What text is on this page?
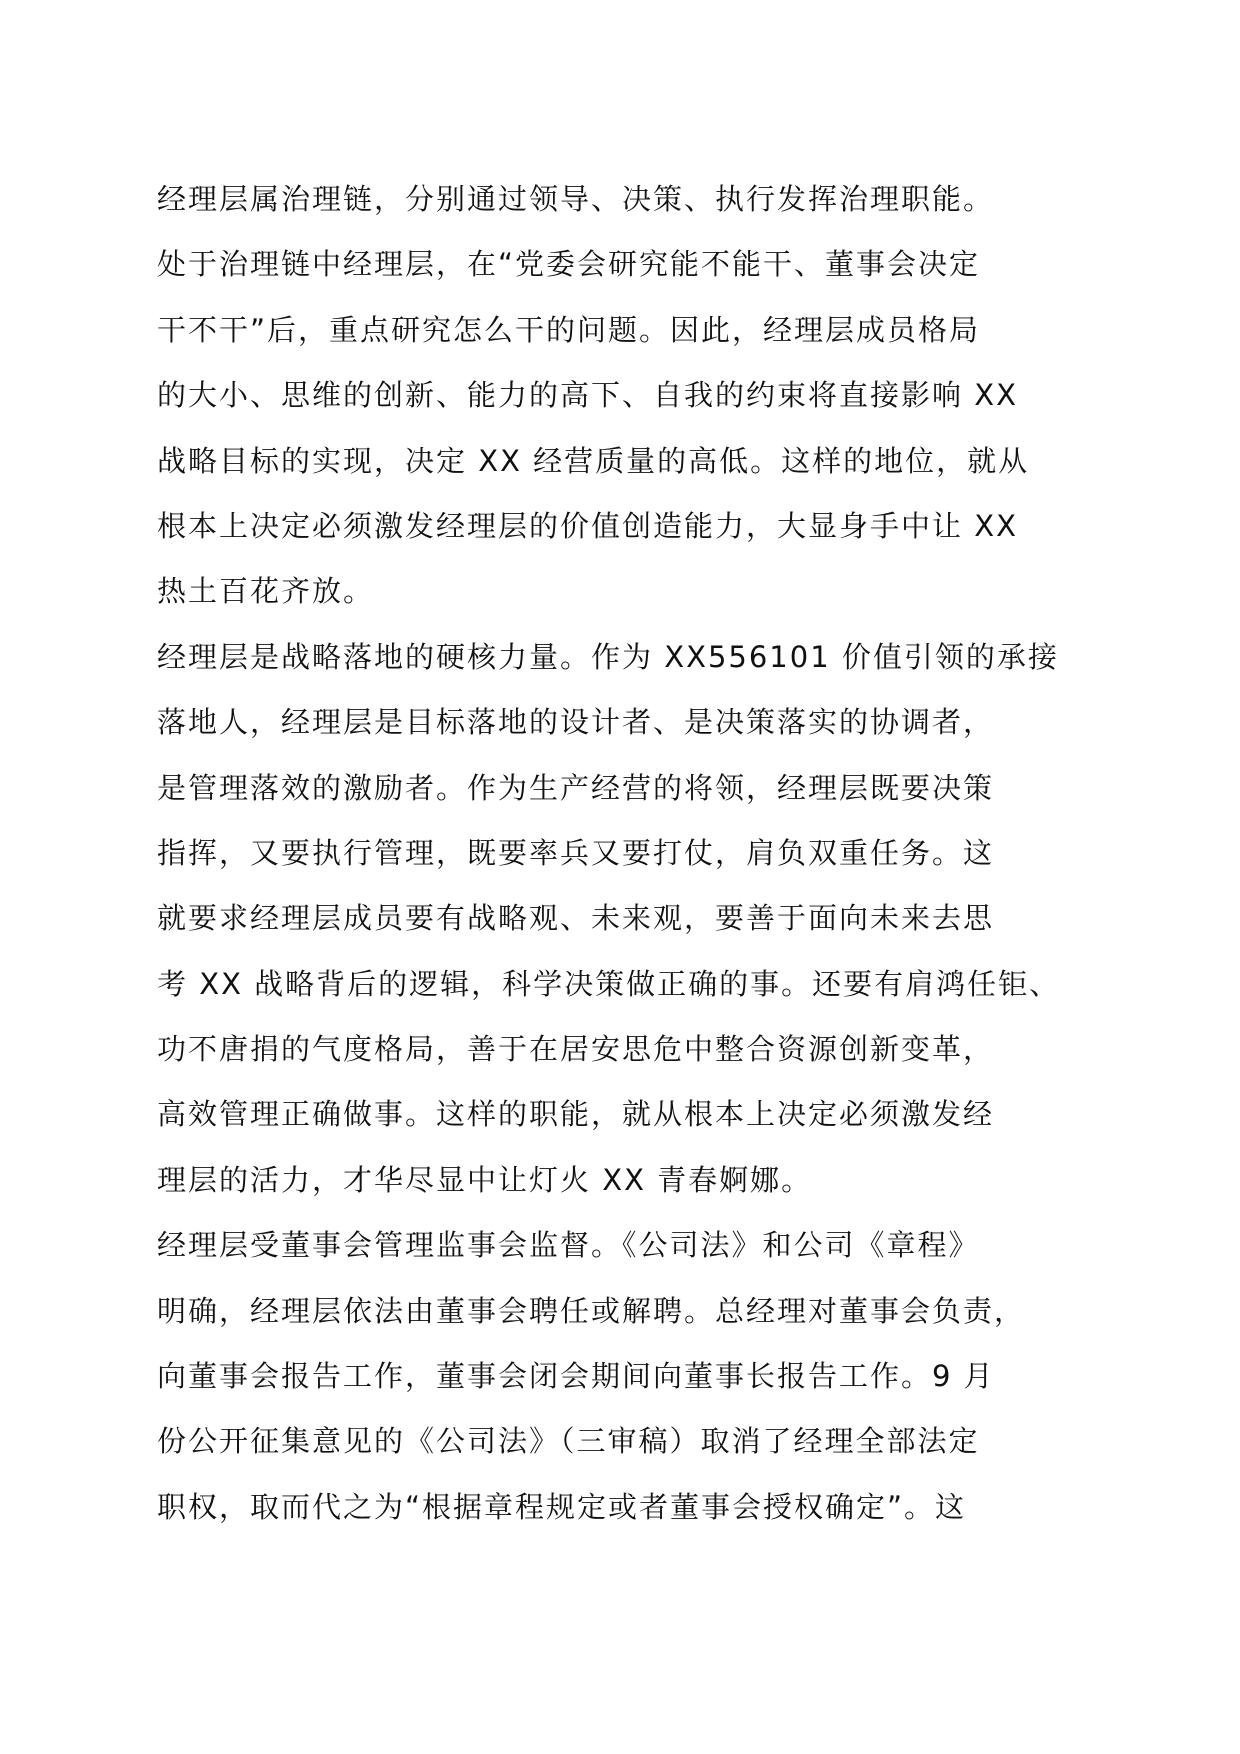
经理层属治理链，分别通过领导、决策、执行发挥治理职能。
处于治理链中经理层，在“党委会研究能不能干、董事会决定
干不干”后，重点研究怎么干的问题。因此，经理层成员格局
的大小、思维的创新、能力的高下、自我的约束将直接影响 XX
战略目标的实现，决定 XX 经营质量的高低。这样的地位，就从
根本上决定必须激发经理层的价值创造能力，大显身手中让 XX
热土百花齐放。
经理层是战略落地的硬核力量。作为 XX556101 价值引领的承接
落地人，经理层是目标落地的设计者、是决策落实的协调者，
是管理落效的激励者。作为生产经营的将领，经理层既要决策
指挥，又要执行管理，既要率兵又要打仗，肩负双重任务。这
就要求经理层成员要有战略观、未来观，要善于面向未来去思
考 XX 战略背后的逻辑，科学决策做正确的事。还要有肩鸿任钜、
功不唐捐的气度格局，善于在居安思危中整合资源创新变革，
高效管理正确做事。这样的职能，就从根本上决定必须激发经
理层的活力，才华尽显中让灯火 XX 青春婀娜。
经理层受董事会管理监事会监督。《公司法》和公司《章程》
明确，经理层依法由董事会聘任或解聘。总经理对董事会负责，
向董事会报告工作，董事会闭会期间向董事长报告工作。9 月
份公开征集意见的《公司法》（三审稿）取消了经理全部法定
职权，取而代之为“根据章程规定或者董事会授权确定”。这
